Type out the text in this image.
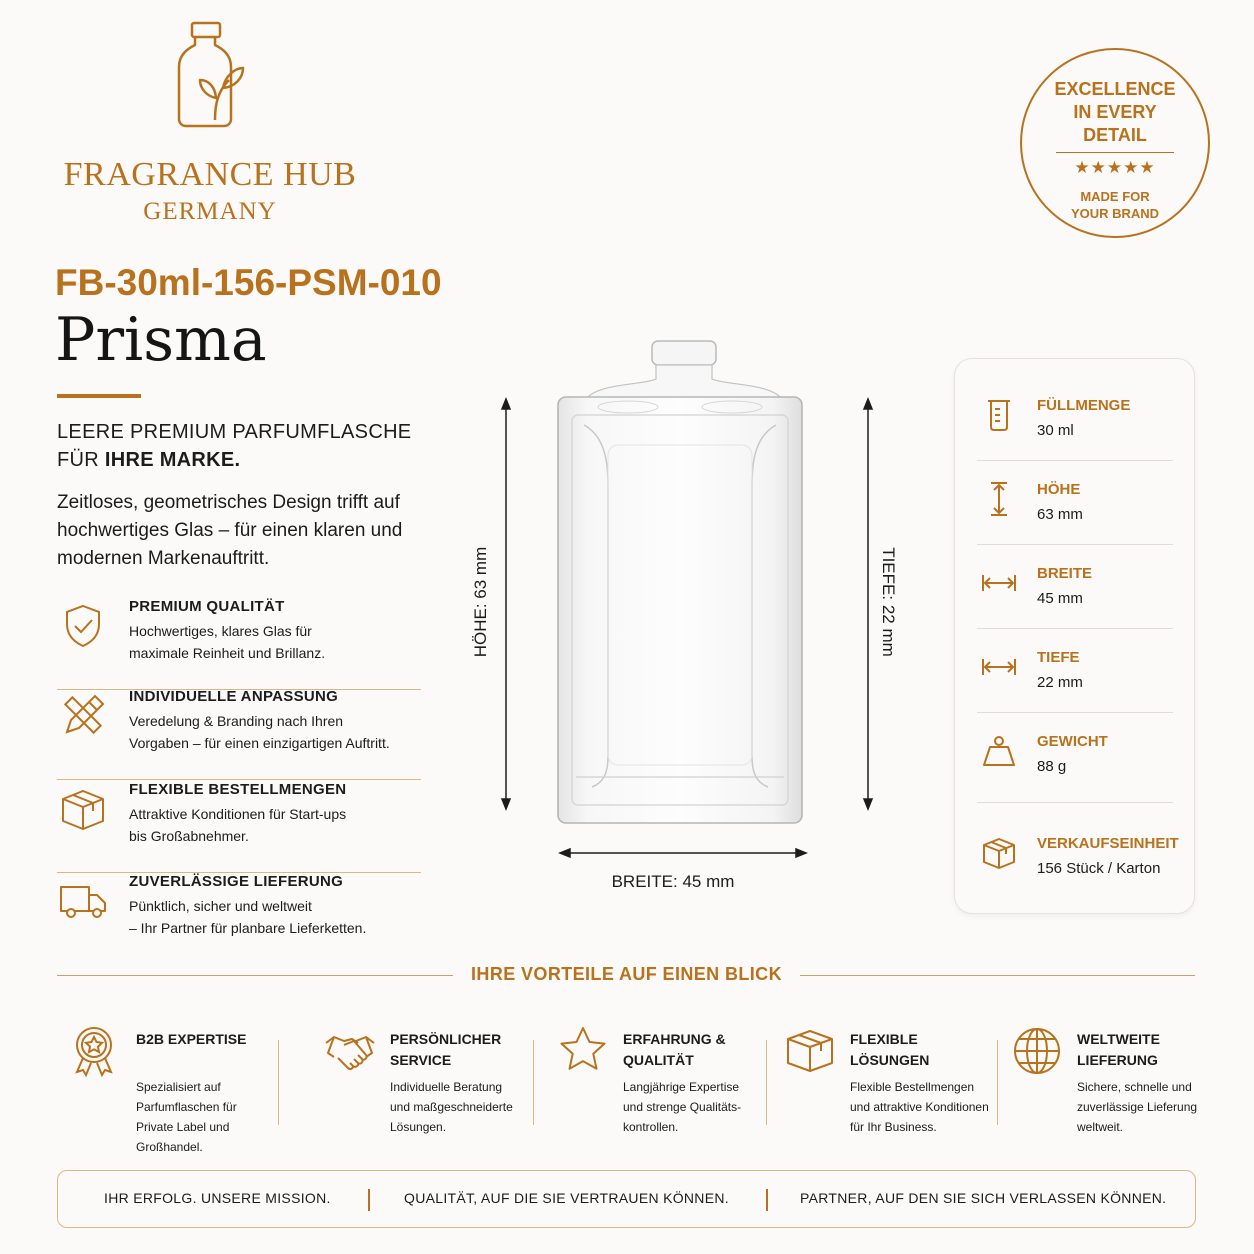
FRAGRANCE HUB
GERMANY
EXCELLENCE
IN EVERY
DETAIL
★★★★★
MADE FOR
YOUR BRAND
FB-30ml-156-PSM-010
Prisma
LEERE PREMIUM PARFUMFLASCHE
FÜR IHRE MARKE.
Zeitloses, geometrisches Design trifft auf hochwertiges Glas – für einen klaren und modernen Markenauftritt.
PREMIUM QUALITÄT
Hochwertiges, klares Glas für
maximale Reinheit und Brillanz.
INDIVIDUELLE ANPASSUNG
Veredelung & Branding nach Ihren
Vorgaben – für einen einzigartigen Auftritt.
FLEXIBLE BESTELLMENGEN
Attraktive Konditionen für Start-ups
bis Großabnehmer.
ZUVERLÄSSIGE LIEFERUNG
Pünktlich, sicher und weltweit
– Ihr Partner für planbare Lieferketten.
HÖHE: 63 mm	TIEFE: 22 mm
BREITE: 45 mm
FÜLLMENGE
30 ml
HÖHE
63 mm
BREITE
45 mm
TIEFE
22 mm
GEWICHT
88 g
VERKAUFSEINHEIT
156 Stück / Karton
IHRE VORTEILE AUF EINEN BLICK
B2B EXPERTISE
Spezialisiert auf
Parfumflaschen für
Private Label und
Großhandel.
PERSÖNLICHER
SERVICE
Individuelle Beratung
und maßgeschneiderte
Lösungen.
ERFAHRUNG &
QUALITÄT
Langjährige Expertise
und strenge Qualitäts-
kontrollen.
FLEXIBLE
LÖSUNGEN
Flexible Bestellmengen
und attraktive Konditionen
für Ihr Business.
WELTWEITE
LIEFERUNG
Sichere, schnelle und
zuverlässige Lieferung
weltweit.
IHR ERFOLG. UNSERE MISSION.	QUALITÄT, AUF DIE SIE VERTRAUEN KÖNNEN.	PARTNER, AUF DEN SIE SICH VERLASSEN KÖNNEN.
